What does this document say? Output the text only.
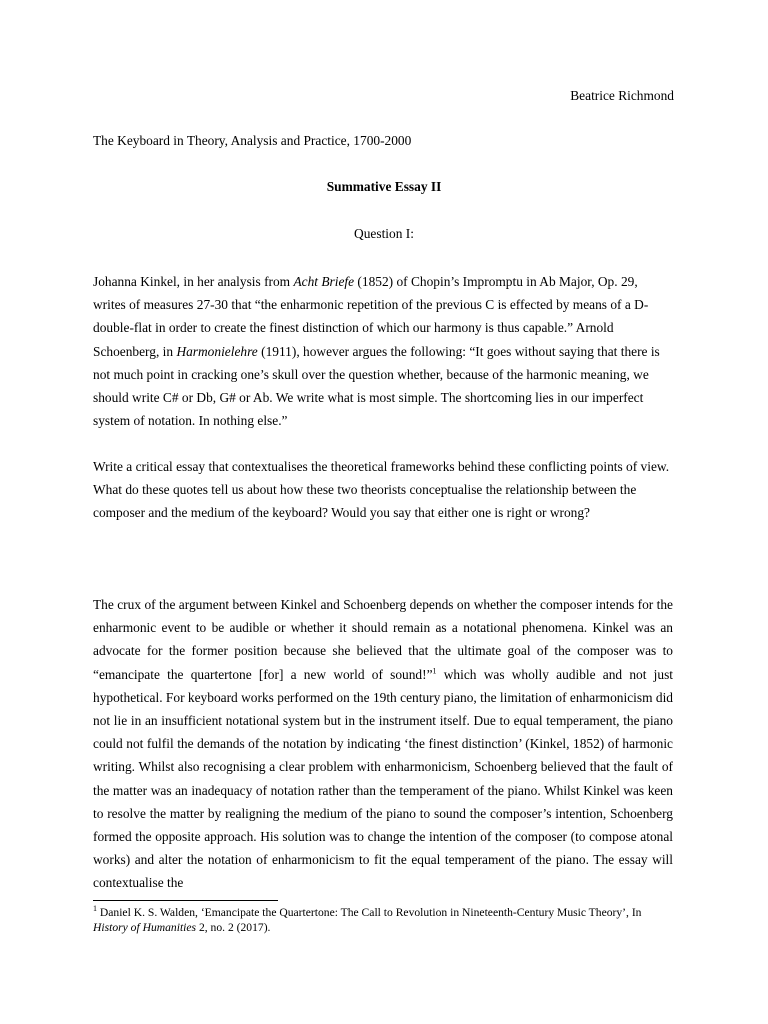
Beatrice Richmond
The Keyboard in Theory, Analysis and Practice, 1700-2000
Summative Essay II
Question I:

Johanna Kinkel, in her analysis from Acht Briefe (1852) of Chopin’s Impromptu in Ab Major, Op. 29, writes of measures 27-30 that “the enharmonic repetition of the previous C is effected by means of a D-double-flat in order to create the finest distinction of which our harmony is thus capable.” Arnold Schoenberg, in Harmonielehre (1911), however argues the following: “It goes without saying that there is not much point in cracking one’s skull over the question whether, because of the harmonic meaning, we should write C# or Db, G# or Ab. We write what is most simple. The shortcoming lies in our imperfect system of notation. In nothing else.”

Write a critical essay that contextualises the theoretical frameworks behind these conflicting points of view. What do these quotes tell us about how these two theorists conceptualise the relationship between the composer and the medium of the keyboard? Would you say that either one is right or wrong?

The crux of the argument between Kinkel and Schoenberg depends on whether the composer intends for the enharmonic event to be audible or whether it should remain as a notational phenomena. Kinkel was an advocate for the former position because she believed that the ultimate goal of the composer was to “emancipate the quartertone [for] a new world of sound!”$^1$ which was wholly audible and not just hypothetical. For keyboard works performed on the 19th century piano, the limitation of enharmonicism did not lie in an insufficient notational system but in the instrument itself. Due to equal temperament, the piano could not fulfil the demands of the notation by indicating ‘the finest distinction’ (Kinkel, 1852) of harmonic writing. Whilst also recognising a clear problem with enharmonicism, Schoenberg believed that the fault of the matter was an inadequacy of notation rather than the temperament of the piano. Whilst Kinkel was keen to resolve the matter by realigning the medium of the piano to sound the composer’s intention, Schoenberg formed the opposite approach. His solution was to change the intention of the composer (to compose atonal works) and alter the notation of enharmonicism to fit the equal temperament of the piano. The essay will contextualise the

$^1$ Daniel K. S. Walden, ‘Emancipate the Quartertone: The Call to Revolution in Nineteenth-Century Music Theory’, In History of Humanities 2, no. 2 (2017).
